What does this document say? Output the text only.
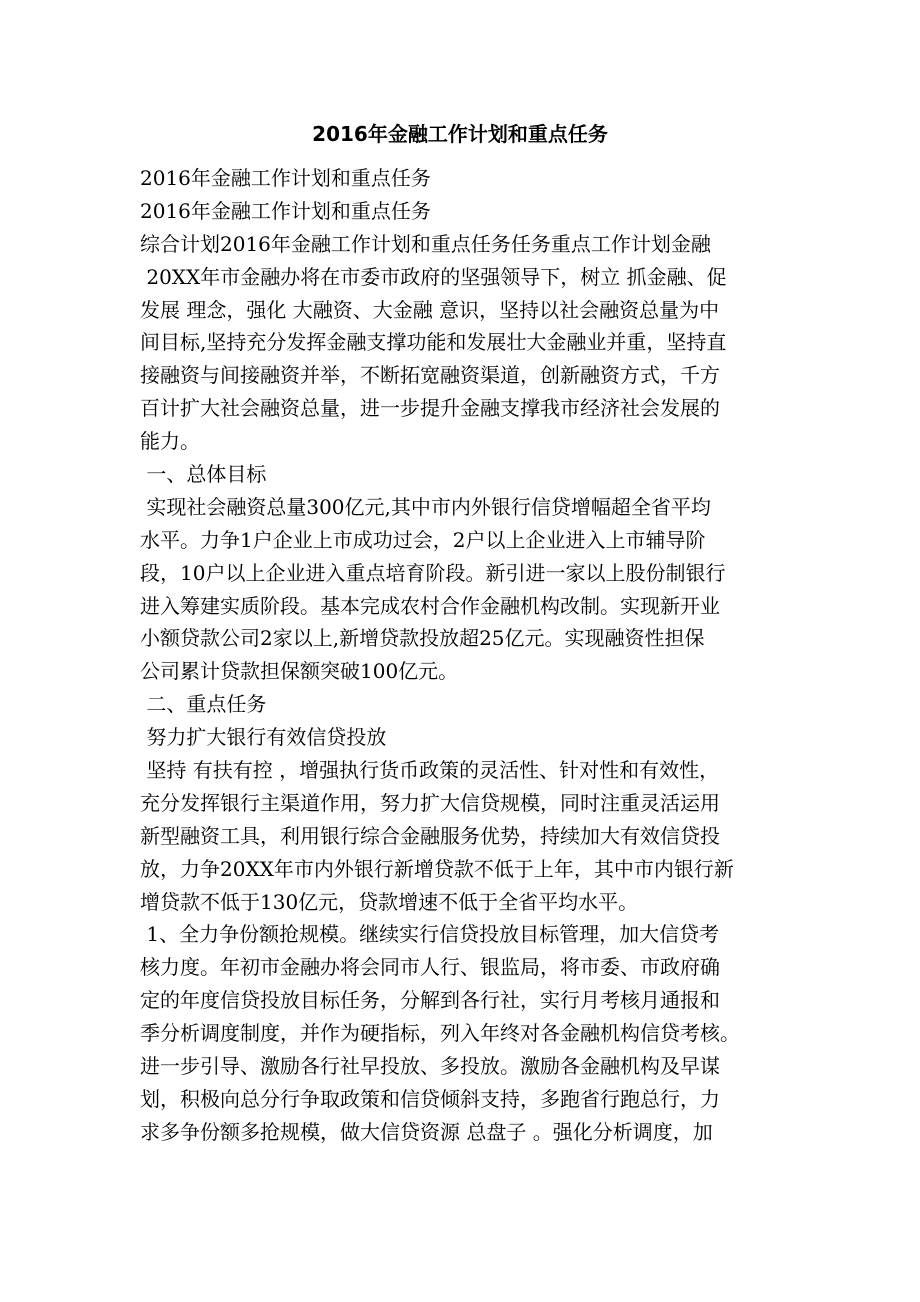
2016年金融工作计划和重点任务
2016年金融工作计划和重点任务
2016年金融工作计划和重点任务
综合计划2016年金融工作计划和重点任务任务重点工作计划金融
20XX年市金融办将在市委市政府的坚强领导下，树立 抓金融、促
发展 理念，强化 大融资、大金融 意识，坚持以社会融资总量为中
间目标,坚持充分发挥金融支撑功能和发展壮大金融业并重，坚持直
接融资与间接融资并举，不断拓宽融资渠道，创新融资方式，千方
百计扩大社会融资总量，进一步提升金融支撑我市经济社会发展的
能力。
一、总体目标
实现社会融资总量300亿元,其中市内外银行信贷增幅超全省平均
水平。力争1户企业上市成功过会，2户以上企业进入上市辅导阶
段，10户以上企业进入重点培育阶段。新引进一家以上股份制银行
进入筹建实质阶段。基本完成农村合作金融机构改制。实现新开业
小额贷款公司2家以上,新增贷款投放超25亿元。实现融资性担保
公司累计贷款担保额突破100亿元。
二、重点任务
努力扩大银行有效信贷投放
坚持 有扶有控 ，增强执行货币政策的灵活性、针对性和有效性，
充分发挥银行主渠道作用，努力扩大信贷规模，同时注重灵活运用
新型融资工具，利用银行综合金融服务优势，持续加大有效信贷投
放，力争20XX年市内外银行新增贷款不低于上年，其中市内银行新
增贷款不低于130亿元，贷款增速不低于全省平均水平。
1、全力争份额抢规模。继续实行信贷投放目标管理，加大信贷考
核力度。年初市金融办将会同市人行、银监局，将市委、市政府确
定的年度信贷投放目标任务，分解到各行社，实行月考核月通报和
季分析调度制度，并作为硬指标，列入年终对各金融机构信贷考核。
进一步引导、激励各行社早投放、多投放。激励各金融机构及早谋
划，积极向总分行争取政策和信贷倾斜支持，多跑省行跑总行，力
求多争份额多抢规模，做大信贷资源 总盘子 。强化分析调度，加
